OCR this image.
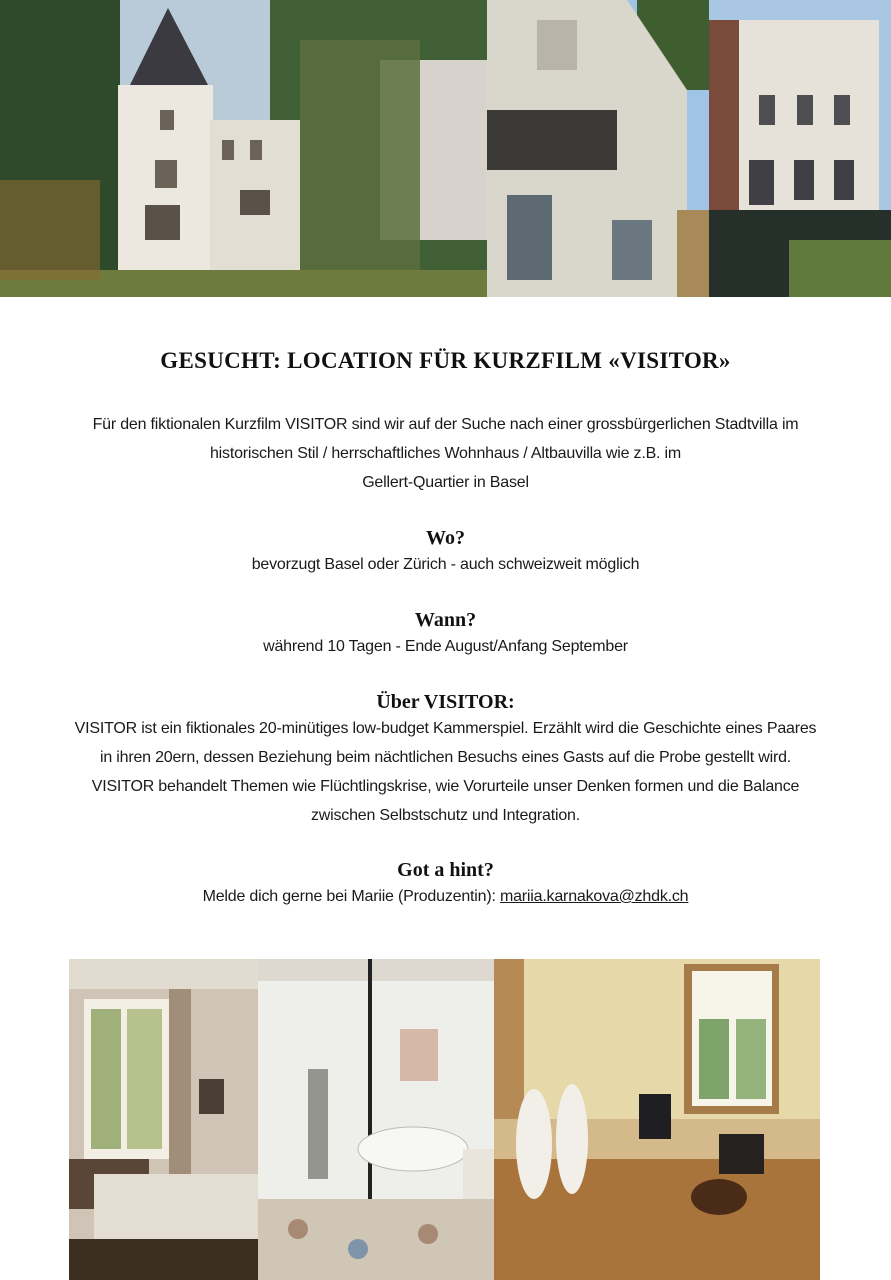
GESUCHT: LOCATION FÜR KURZFILM «VISITOR»
Für den fiktionalen Kurzfilm VISITOR sind wir auf der Suche nach einer grossbürgerlichen Stadtvilla im
historischen Stil / herrschaftliches Wohnhaus / Altbauvilla wie z.B. im
Gellert-Quartier in Basel
Wo?
bevorzugt Basel oder Zürich - auch schweizweit möglich
Wann?
während 10 Tagen - Ende August/Anfang September
Über VISITOR:
VISITOR ist ein fiktionales 20-minütiges low-budget Kammerspiel. Erzählt wird die Geschichte eines Paares
in ihren 20ern, dessen Beziehung beim nächtlichen Besuchs eines Gasts auf die Probe gestellt wird.
VISITOR behandelt Themen wie Flüchtlingskrise, wie Vorurteile unser Denken formen und die Balance
zwischen Selbstschutz und Integration.
Got a hint?
Melde dich gerne bei Mariie (Produzentin): mariia.karnakova@zhdk.ch
